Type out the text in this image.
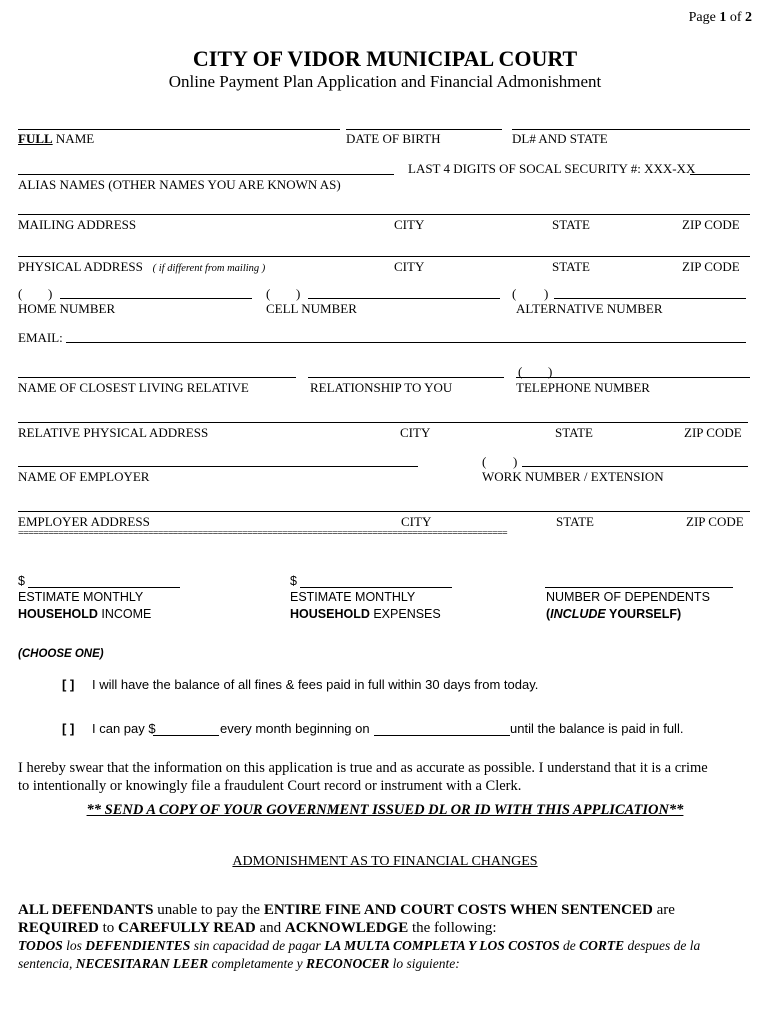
Page 1 of 2
CITY OF VIDOR MUNICIPAL COURT
Online Payment Plan Application and Financial Admonishment
FULL NAME	DATE OF BIRTH	DL# AND STATE
LAST 4 DIGITS OF SOCAL SECURITY #: XXX-XX
ALIAS NAMES (OTHER NAMES YOU ARE KNOWN AS)
MAILING ADDRESS	CITY	STATE	ZIP CODE
PHYSICAL ADDRESS ( if different from mailing )	CITY	STATE	ZIP CODE
( )	( )	( )
HOME NUMBER	CELL NUMBER	ALTERNATIVE NUMBER
EMAIL:
( )
NAME OF CLOSEST LIVING RELATIVE	RELATIONSHIP TO YOU	TELEPHONE NUMBER
RELATIVE PHYSICAL ADDRESS	CITY	STATE	ZIP CODE
( )
NAME OF EMPLOYER	WORK NUMBER / EXTENSION
EMPLOYER ADDRESS	CITY	STATE	ZIP CODE
==================================================================================================
$
ESTIMATE MONTHLY
HOUSEHOLD INCOME
$
ESTIMATE MONTHLY
HOUSEHOLD EXPENSES
NUMBER OF DEPENDENTS
(INCLUDE YOURSELF)
(CHOOSE ONE)
[ ] I will have the balance of all fines & fees paid in full within 30 days from today.
[ ] I can pay $	every month beginning on	until the balance is paid in full.
I hereby swear that the information on this application is true and as accurate as possible. I understand that it is a crime
to intentionally or knowingly file a fraudulent Court record or instrument with a Clerk.
** SEND A COPY OF YOUR GOVERNMENT ISSUED DL OR ID WITH THIS APPLICATION**
ADMONISHMENT AS TO FINANCIAL CHANGES
ALL DEFENDANTS unable to pay the ENTIRE FINE AND COURT COSTS WHEN SENTENCED are
REQUIRED to CAREFULLY READ and ACKNOWLEDGE the following:
TODOS los DEFENDIENTES sin capacidad de pagar LA MULTA COMPLETA Y LOS COSTOS de CORTE despues de la
sentencia, NECESITARAN LEER completamente y RECONOCER lo siguiente:
